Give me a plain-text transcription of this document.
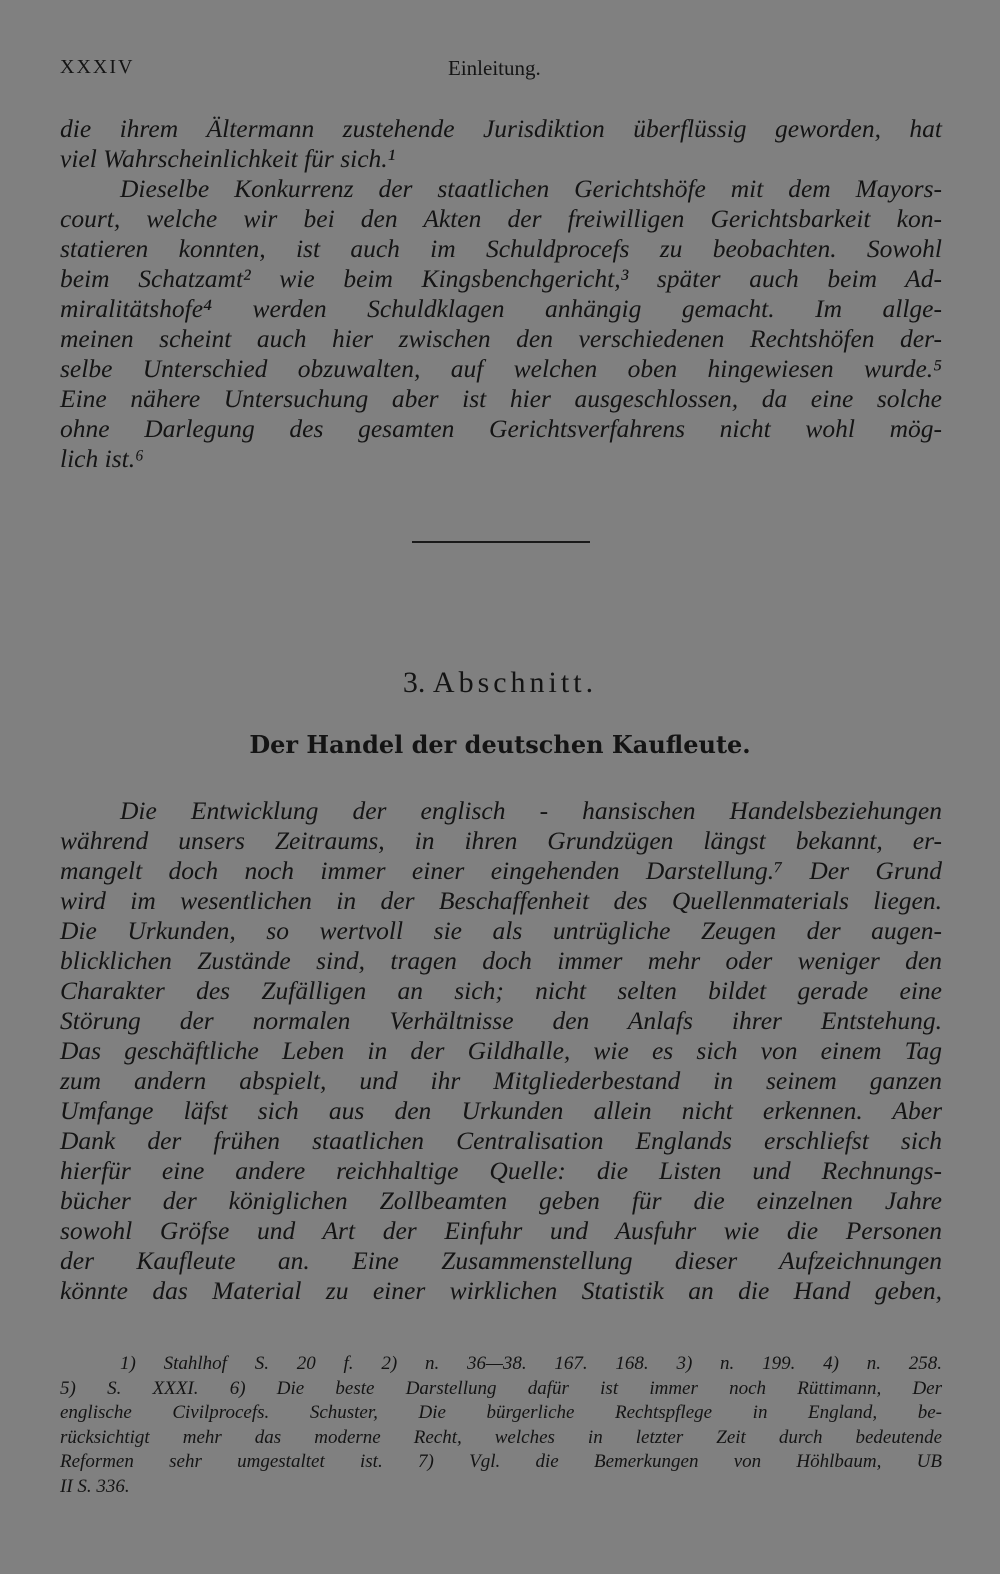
XXXIV	Einleitung.
die ihrem Ältermann zustehende Jurisdiktion überflüssig geworden, hat
viel Wahrscheinlichkeit für sich.¹
Dieselbe Konkurrenz der staatlichen Gerichtshöfe mit dem Mayors-
court, welche wir bei den Akten der freiwilligen Gerichtsbarkeit kon-
statieren konnten, ist auch im Schuldprocefs zu beobachten. Sowohl
beim Schatzamt² wie beim Kingsbenchgericht,³ später auch beim Ad-
miralitätshofe⁴ werden Schuldklagen anhängig gemacht. Im allge-
meinen scheint auch hier zwischen den verschiedenen Rechtshöfen der-
selbe Unterschied obzuwalten, auf welchen oben hingewiesen wurde.⁵
Eine nähere Untersuchung aber ist hier ausgeschlossen, da eine solche
ohne Darlegung des gesamten Gerichtsverfahrens nicht wohl mög-
lich ist.⁶
3. Abschnitt.
Der Handel der deutschen Kaufleute.
Die Entwicklung der englisch - hansischen Handelsbeziehungen
während unsers Zeitraums, in ihren Grundzügen längst bekannt, er-
mangelt doch noch immer einer eingehenden Darstellung.⁷ Der Grund
wird im wesentlichen in der Beschaffenheit des Quellenmaterials liegen.
Die Urkunden, so wertvoll sie als untrügliche Zeugen der augen-
blicklichen Zustände sind, tragen doch immer mehr oder weniger den
Charakter des Zufälligen an sich; nicht selten bildet gerade eine
Störung der normalen Verhältnisse den Anlafs ihrer Entstehung.
Das geschäftliche Leben in der Gildhalle, wie es sich von einem Tag
zum andern abspielt, und ihr Mitgliederbestand in seinem ganzen
Umfange läfst sich aus den Urkunden allein nicht erkennen. Aber
Dank der frühen staatlichen Centralisation Englands erschliefst sich
hierfür eine andere reichhaltige Quelle: die Listen und Rechnungs-
bücher der königlichen Zollbeamten geben für die einzelnen Jahre
sowohl Gröfse und Art der Einfuhr und Ausfuhr wie die Personen
der Kaufleute an. Eine Zusammenstellung dieser Aufzeichnungen
könnte das Material zu einer wirklichen Statistik an die Hand geben,
1) Stahlhof S. 20 f. 2) n. 36—38. 167. 168. 3) n. 199. 4) n. 258.
5) S. XXXI. 6) Die beste Darstellung dafür ist immer noch Rüttimann, Der
englische Civilprocefs. Schuster, Die bürgerliche Rechtspflege in England, be-
rücksichtigt mehr das moderne Recht, welches in letzter Zeit durch bedeutende
Reformen sehr umgestaltet ist. 7) Vgl. die Bemerkungen von Höhlbaum, UB
II S. 336.
